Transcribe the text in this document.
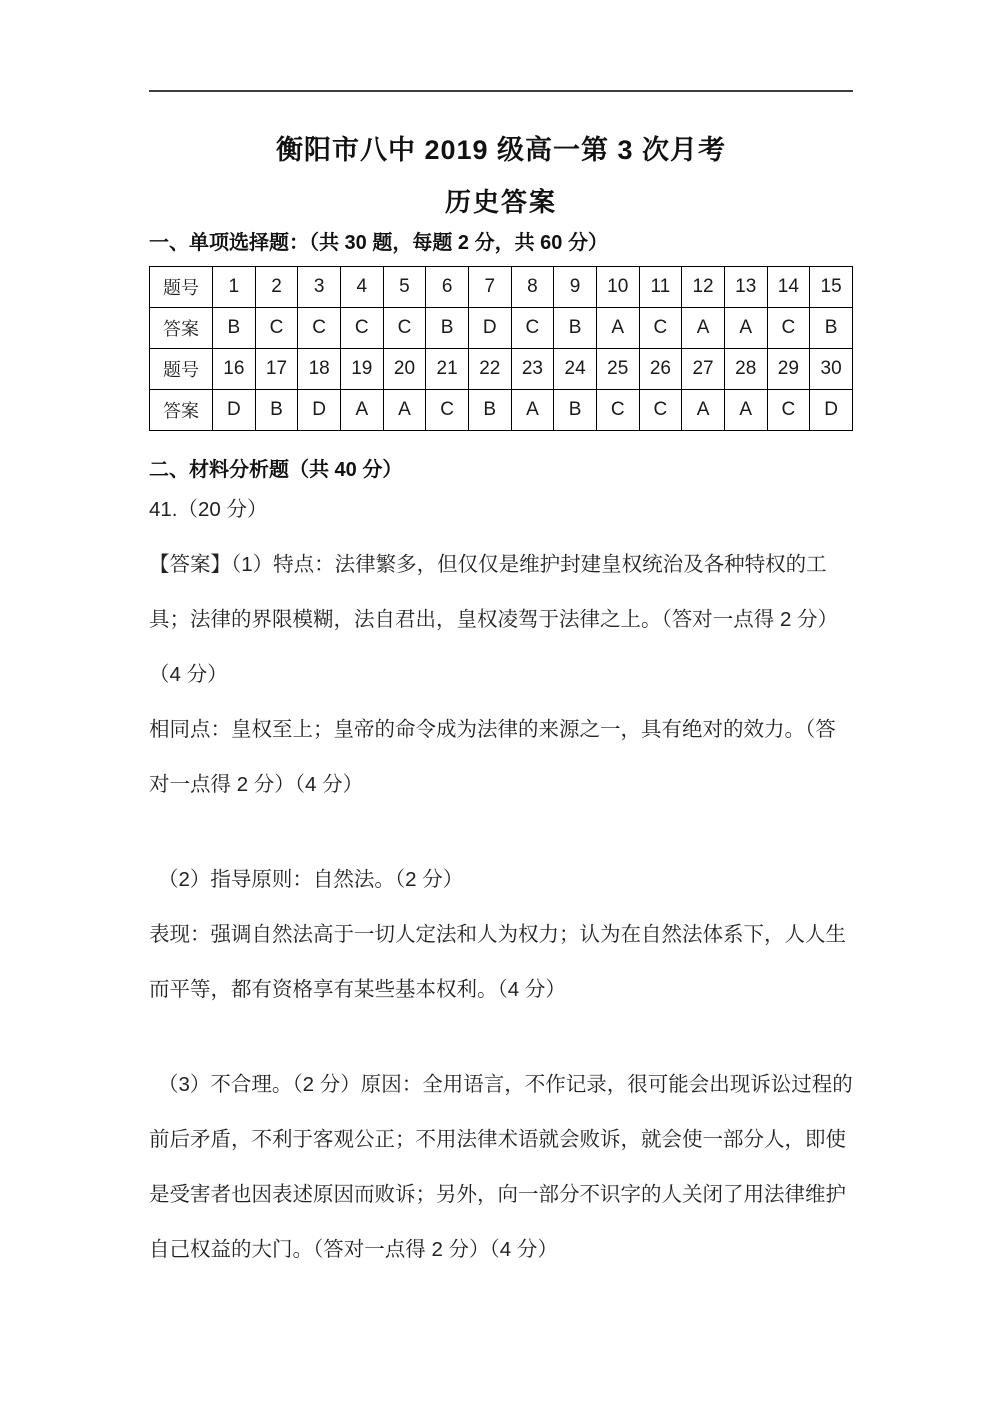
衡阳市八中 2019 级高一第 3 次月考
历史答案
一、单项选择题：（共 30 题，每题 2 分，共 60 分）
题号	1	2	3	4	5	6	7	8	9	10	11	12	13	14	15
答案	B	C	C	C	C	B	D	C	B	A	C	A	A	C	B
题号	16	17	18	19	20	21	22	23	24	25	26	27	28	29	30
答案	D	B	D	A	A	C	B	A	B	C	C	A	A	C	D
二、材料分析题（共 40 分）

41.（20 分）

【答案】（1）特点：法律繁多，但仅仅是维护封建皇权统治及各种特权的工具；法律的界限模糊，法自君出，皇权凌驾于法律之上。（答对一点得 2 分）（4 分）

相同点：皇权至上；皇帝的命令成为法律的来源之一，具有绝对的效力。（答对一点得 2 分）（4 分）

（2）指导原则：自然法。（2 分）

表现：强调自然法高于一切人定法和人为权力；认为在自然法体系下，人人生而平等，都有资格享有某些基本权利。（4 分）

（3）不合理。（2 分）原因：全用语言，不作记录，很可能会出现诉讼过程的前后矛盾，不利于客观公正；不用法律术语就会败诉，就会使一部分人，即使是受害者也因表述原因而败诉；另外，向一部分不识字的人关闭了用法律维护自己权益的大门。（答对一点得 2 分）（4 分）
